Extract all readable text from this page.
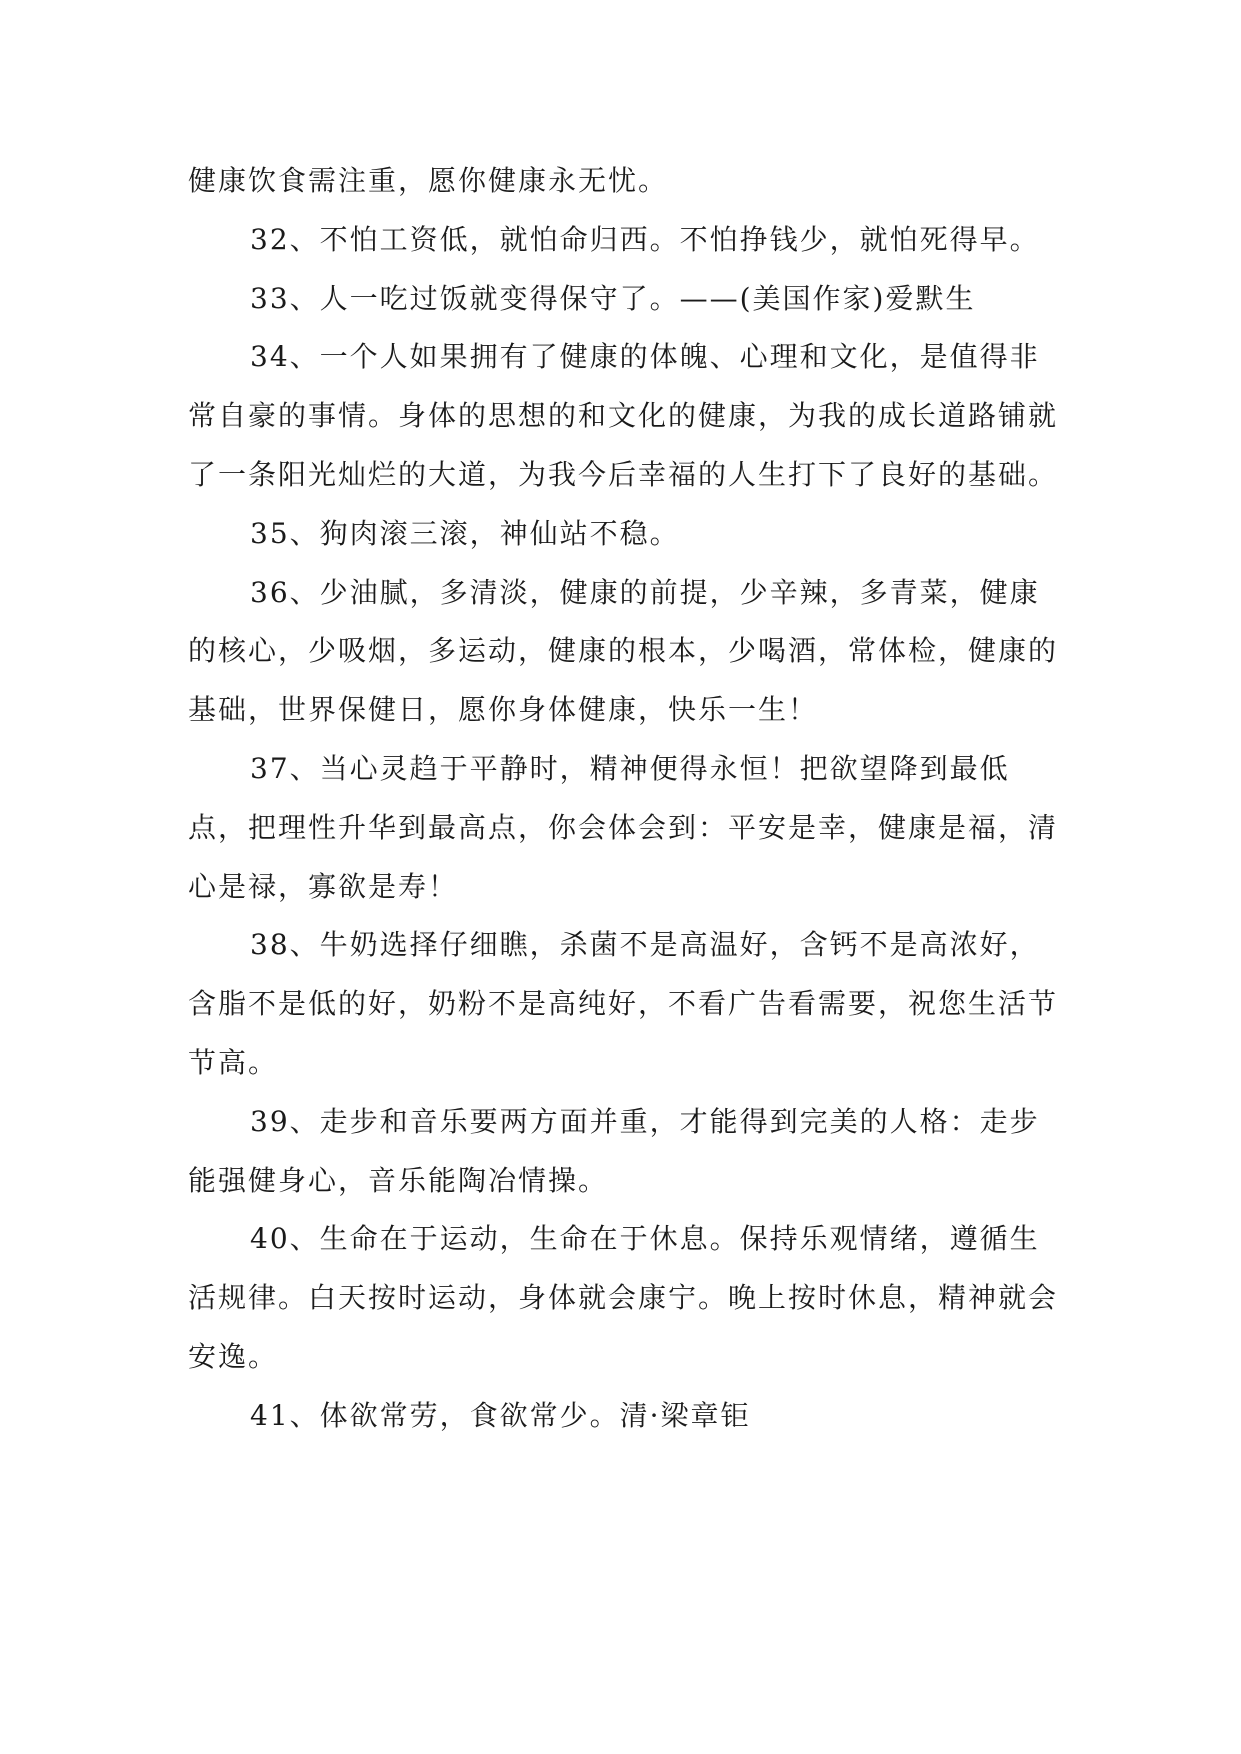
健康饮食需注重，愿你健康永无忧。

32、不怕工资低，就怕命归西。不怕挣钱少，就怕死得早。

33、人一吃过饭就变得保守了。——(美国作家)爱默生

34、一个人如果拥有了健康的体魄、心理和文化，是值得非常自豪的事情。身体的思想的和文化的健康，为我的成长道路铺就了一条阳光灿烂的大道，为我今后幸福的人生打下了良好的基础。

35、狗肉滚三滚，神仙站不稳。

36、少油腻，多清淡，健康的前提，少辛辣，多青菜，健康的核心，少吸烟，多运动，健康的根本，少喝酒，常体检，健康的基础，世界保健日，愿你身体健康，快乐一生！

37、当心灵趋于平静时，精神便得永恒！把欲望降到最低点，把理性升华到最高点，你会体会到：平安是幸，健康是福，清心是禄，寡欲是寿！

38、牛奶选择仔细瞧，杀菌不是高温好，含钙不是高浓好，含脂不是低的好，奶粉不是高纯好，不看广告看需要，祝您生活节节高。

39、走步和音乐要两方面并重，才能得到完美的人格：走步能强健身心，音乐能陶冶情操。

40、生命在于运动，生命在于休息。保持乐观情绪，遵循生活规律。白天按时运动，身体就会康宁。晚上按时休息，精神就会安逸。

41、体欲常劳，食欲常少。清·梁章钜
